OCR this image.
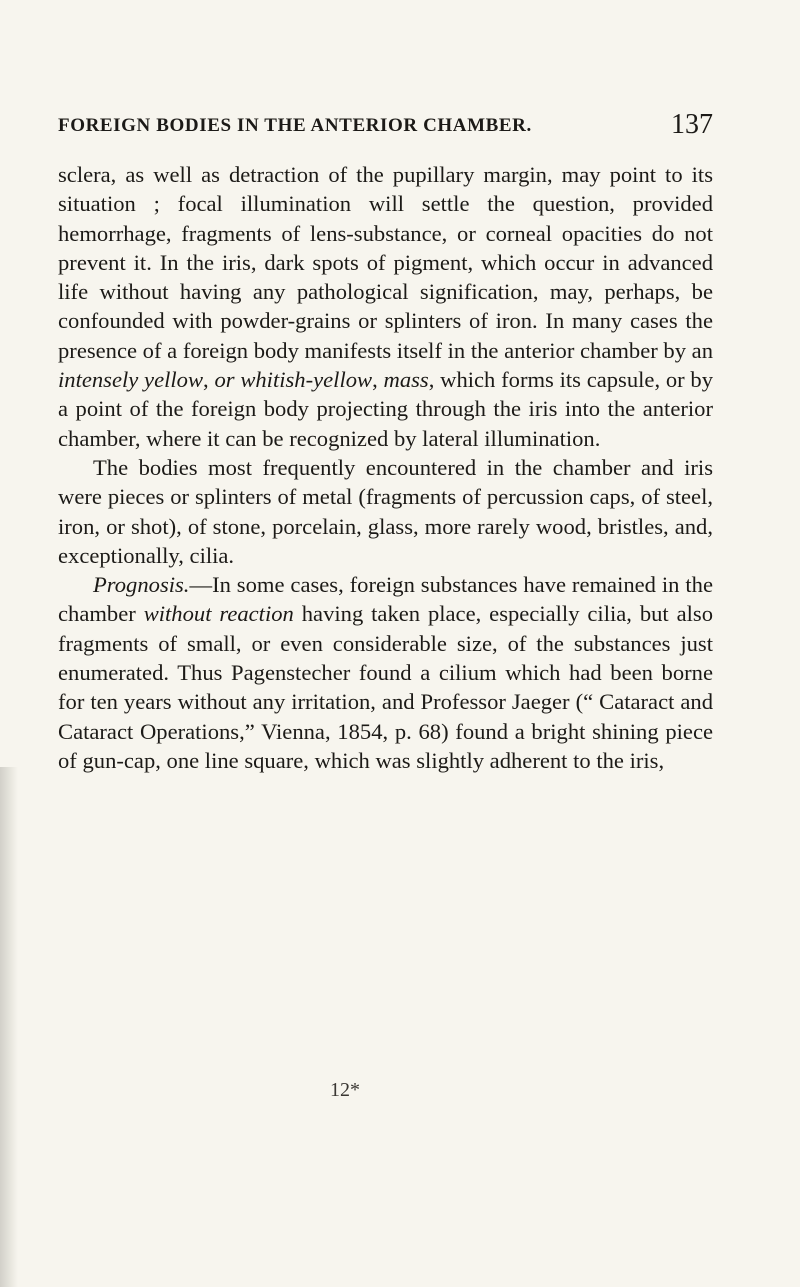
FOREIGN BODIES IN THE ANTERIOR CHAMBER.	137

sclera, as well as detraction of the pupillary margin, may point to its situation ; focal illumination will settle the question, provided hemorrhage, fragments of lens-substance, or corneal opacities do not prevent it. In the iris, dark spots of pigment, which occur in advanced life without having any pathological signification, may, perhaps, be confounded with powder-grains or splinters of iron. In many cases the presence of a foreign body manifests itself in the anterior chamber by an intensely yellow, or whitish-yellow, mass, which forms its capsule, or by a point of the foreign body projecting through the iris into the anterior chamber, where it can be recognized by lateral illumination.

The bodies most frequently encountered in the chamber and iris were pieces or splinters of metal (fragments of percussion caps, of steel, iron, or shot), of stone, porcelain, glass, more rarely wood, bristles, and, exceptionally, cilia.

Prognosis.—In some cases, foreign substances have remained in the chamber without reaction having taken place, especially cilia, but also fragments of small, or even considerable size, of the substances just enumerated. Thus Pagenstecher found a cilium which had been borne for ten years without any irritation, and Professor Jaeger (“ Cataract and Cataract Operations,” Vienna, 1854, p. 68) found a bright shining piece of gun-cap, one line square, which was slightly adherent to the iris,

12*
